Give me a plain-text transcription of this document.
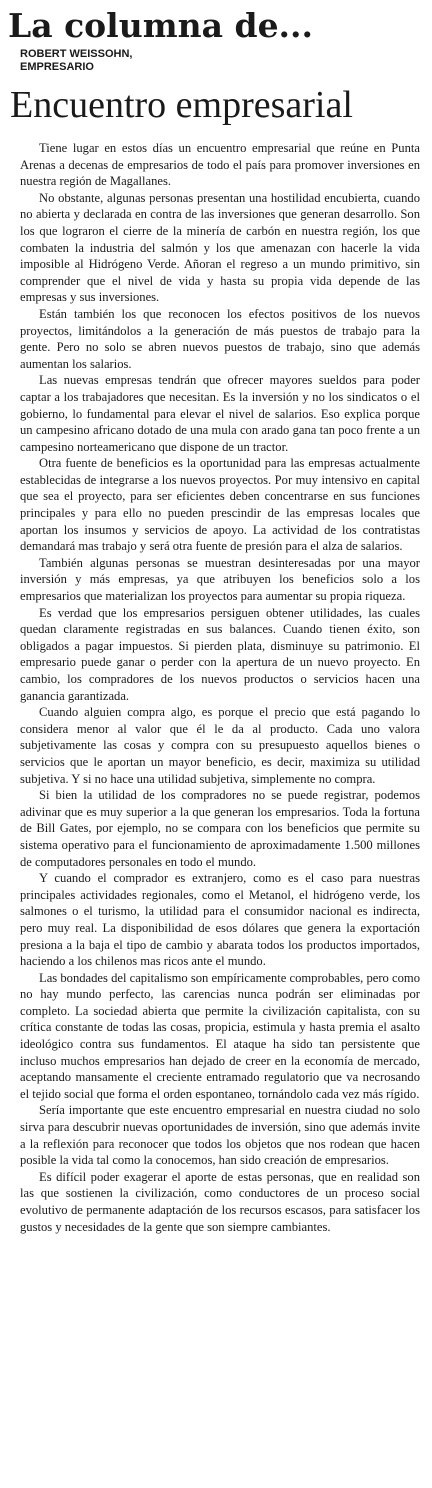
La columna de...
ROBERT WEISSOHN,
EMPRESARIO
Encuentro empresarial

Tiene lugar en estos días un encuentro empresarial que reúne en Punta Arenas a decenas de empresarios de todo el país para promover inversiones en nuestra región de Magallanes.

No obstante, algunas personas presentan una hostilidad encubierta, cuando no abierta y declarada en contra de las inversiones que generan desarrollo. Son los que lograron el cierre de la minería de carbón en nuestra región, los que combaten la industria del salmón y los que amenazan con hacerle la vida imposible al Hidrógeno Verde. Añoran el regreso a un mundo primitivo, sin comprender que el nivel de vida y hasta su propia vida depende de las empresas y sus inversiones.

Están también los que reconocen los efectos positivos de los nuevos proyectos, limitándolos a la generación de más puestos de trabajo para la gente. Pero no solo se abren nuevos puestos de trabajo, sino que además aumentan los salarios.

Las nuevas empresas tendrán que ofrecer mayores sueldos para poder captar a los trabajadores que necesitan. Es la inversión y no los sindicatos o el gobierno, lo fundamental para elevar el nivel de salarios. Eso explica porque un campesino africano dotado de una mula con arado gana tan poco frente a un campesino norteamericano que dispone de un tractor.

Otra fuente de beneficios es la oportunidad para las empresas actualmente establecidas de integrarse a los nuevos proyectos. Por muy intensivo en capital que sea el proyecto, para ser eficientes deben concentrarse en sus funciones principales y para ello no pueden prescindir de las empresas locales que aportan los insumos y servicios de apoyo. La actividad de los contratistas demandará mas trabajo y será otra fuente de presión para el alza de salarios.

También algunas personas se muestran desinteresadas por una mayor inversión y más empresas, ya que atribuyen los beneficios solo a los empresarios que materializan los proyectos para aumentar su propia riqueza.

Es verdad que los empresarios persiguen obtener utilidades, las cuales quedan claramente registradas en sus balances. Cuando tienen éxito, son obligados a pagar impuestos. Si pierden plata, disminuye su patrimonio. El empresario puede ganar o perder con la apertura de un nuevo proyecto. En cambio, los compradores de los nuevos productos o servicios hacen una ganancia garantizada.

Cuando alguien compra algo, es porque el precio que está pagando lo considera menor al valor que él le da al producto. Cada uno valora subjetivamente las cosas y compra con su presupuesto aquellos bienes o servicios que le aportan un mayor beneficio, es decir, maximiza su utilidad subjetiva. Y si no hace una utilidad subjetiva, simplemente no compra.

Si bien la utilidad de los compradores no se puede registrar, podemos adivinar que es muy superior a la que generan los empresarios. Toda la fortuna de Bill Gates, por ejemplo, no se compara con los beneficios que permite su sistema operativo para el funcionamiento de aproximadamente 1.500 millones de computadores personales en todo el mundo.

Y cuando el comprador es extranjero, como es el caso para nuestras principales actividades regionales, como el Metanol, el hidrógeno verde, los salmones o el turismo, la utilidad para el consumidor nacional es indirecta, pero muy real. La disponibilidad de esos dólares que genera la exportación presiona a la baja el tipo de cambio y abarata todos los productos importados, haciendo a los chilenos mas ricos ante el mundo.

Las bondades del capitalismo son empíricamente comprobables, pero como no hay mundo perfecto, las carencias nunca podrán ser eliminadas por completo. La sociedad abierta que permite la civilización capitalista, con su crítica constante de todas las cosas, propicia, estimula y hasta premia el asalto ideológico contra sus fundamentos. El ataque ha sido tan persistente que incluso muchos empresarios han dejado de creer en la economía de mercado, aceptando mansamente el creciente entramado regulatorio que va necrosando el tejido social que forma el orden espontaneo, tornándolo cada vez más rígido.

Sería importante que este encuentro empresarial en nuestra ciudad no solo sirva para descubrir nuevas oportunidades de inversión, sino que además invite a la reflexión para reconocer que todos los objetos que nos rodean que hacen posible la vida tal como la conocemos, han sido creación de empresarios.

Es difícil poder exagerar el aporte de estas personas, que en realidad son las que sostienen la civilización, como conductores de un proceso social evolutivo de permanente adaptación de los recursos escasos, para satisfacer los gustos y necesidades de la gente que son siempre cambiantes.
